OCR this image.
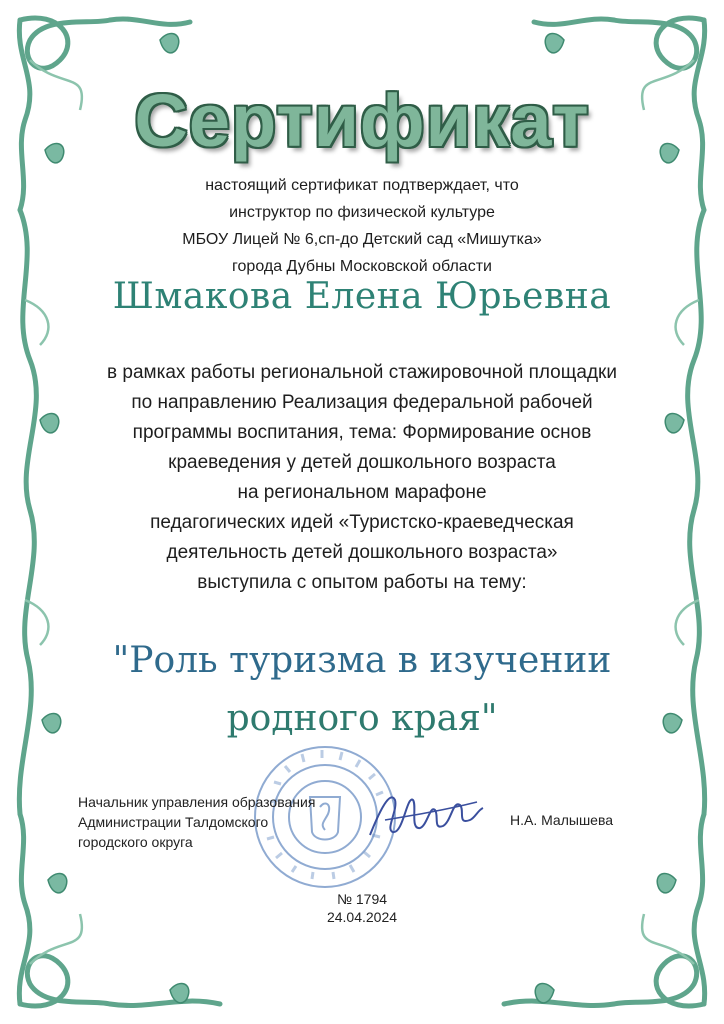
Сертификат
настоящий сертификат подтверждает, что
инструктор по физической культуре
МБОУ Лицей № 6,сп-до Детский сад «Мишутка»
города Дубны Московской области
Шмакова Елена Юрьевна
в рамках работы региональной стажировочной площадки
по направлению Реализация федеральной рабочей
программы воспитания, тема: Формирование основ
краеведения у детей дошкольного возраста
на региональном марафоне
педагогических идей «Туристско-краеведческая
деятельность детей дошкольного возраста»
выступила с опытом работы на тему:
"Роль туризма в изучении
родного края"
Начальник управления образования
Администрации Талдомского
городского округа
Н.А. Малышева
№ 1794
24.04.2024
